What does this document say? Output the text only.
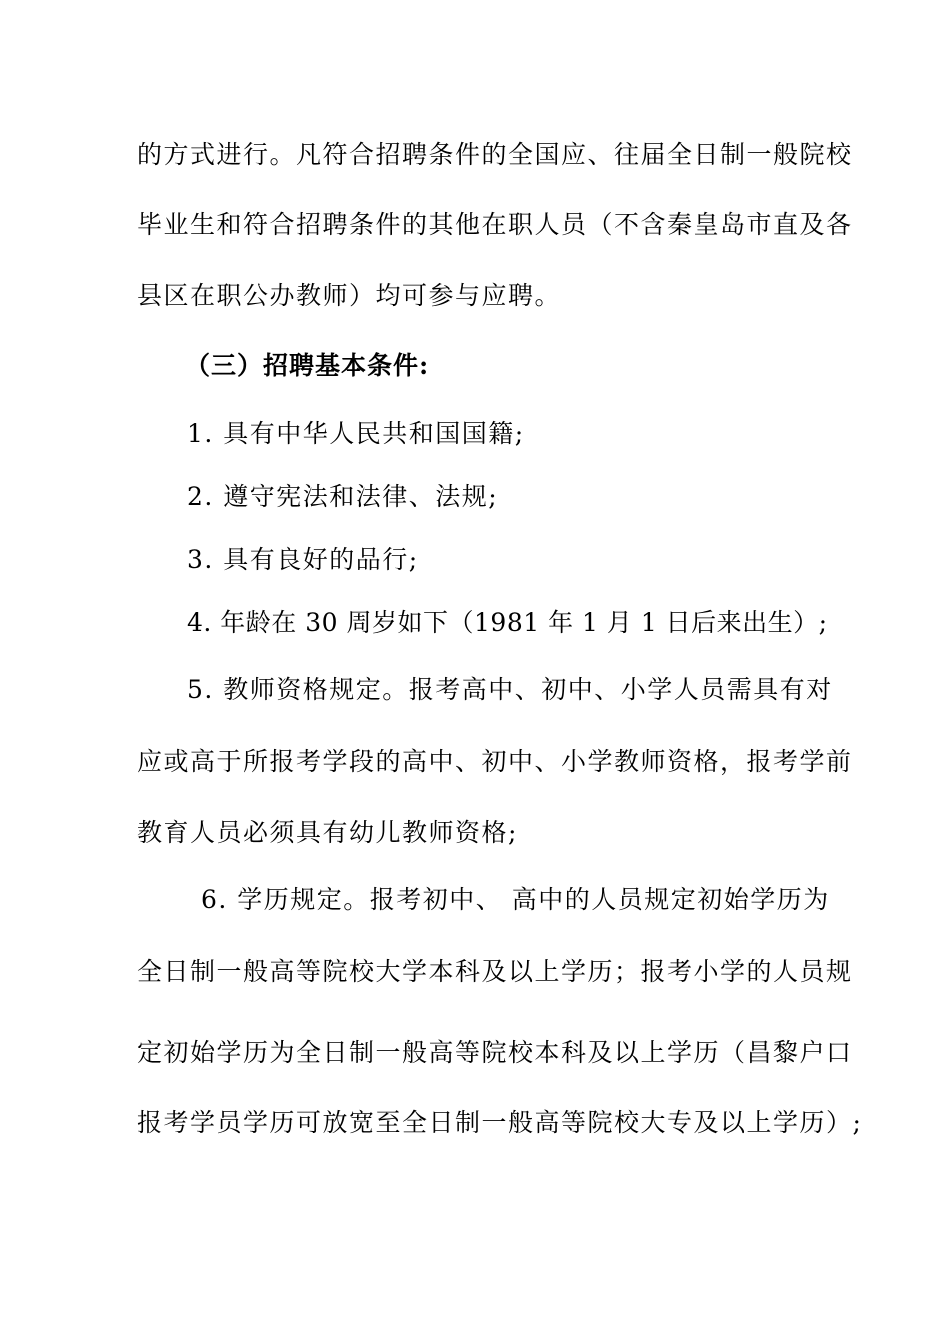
的方式进行。凡符合招聘条件的全国应、往届全日制一般院校
毕业生和符合招聘条件的其他在职人员（不含秦皇岛市直及各
县区在职公办教师）均可参与应聘。
（三）招聘基本条件:
1. 具有中华人民共和国国籍;
2. 遵守宪法和法律、法规;
3. 具有良好的品行;
4. 年龄在 30 周岁如下（1981 年 1 月 1 日后来出生）;
5. 教师资格规定。报考高中、初中、小学人员需具有对
应或高于所报考学段的高中、初中、小学教师资格，报考学前
教育人员必须具有幼儿教师资格;
6. 学历规定。报考初中、 高中的人员规定初始学历为
全日制一般高等院校大学本科及以上学历；报考小学的人员规
定初始学历为全日制一般高等院校本科及以上学历（昌黎户口
报考学员学历可放宽至全日制一般高等院校大专及以上学历）;
